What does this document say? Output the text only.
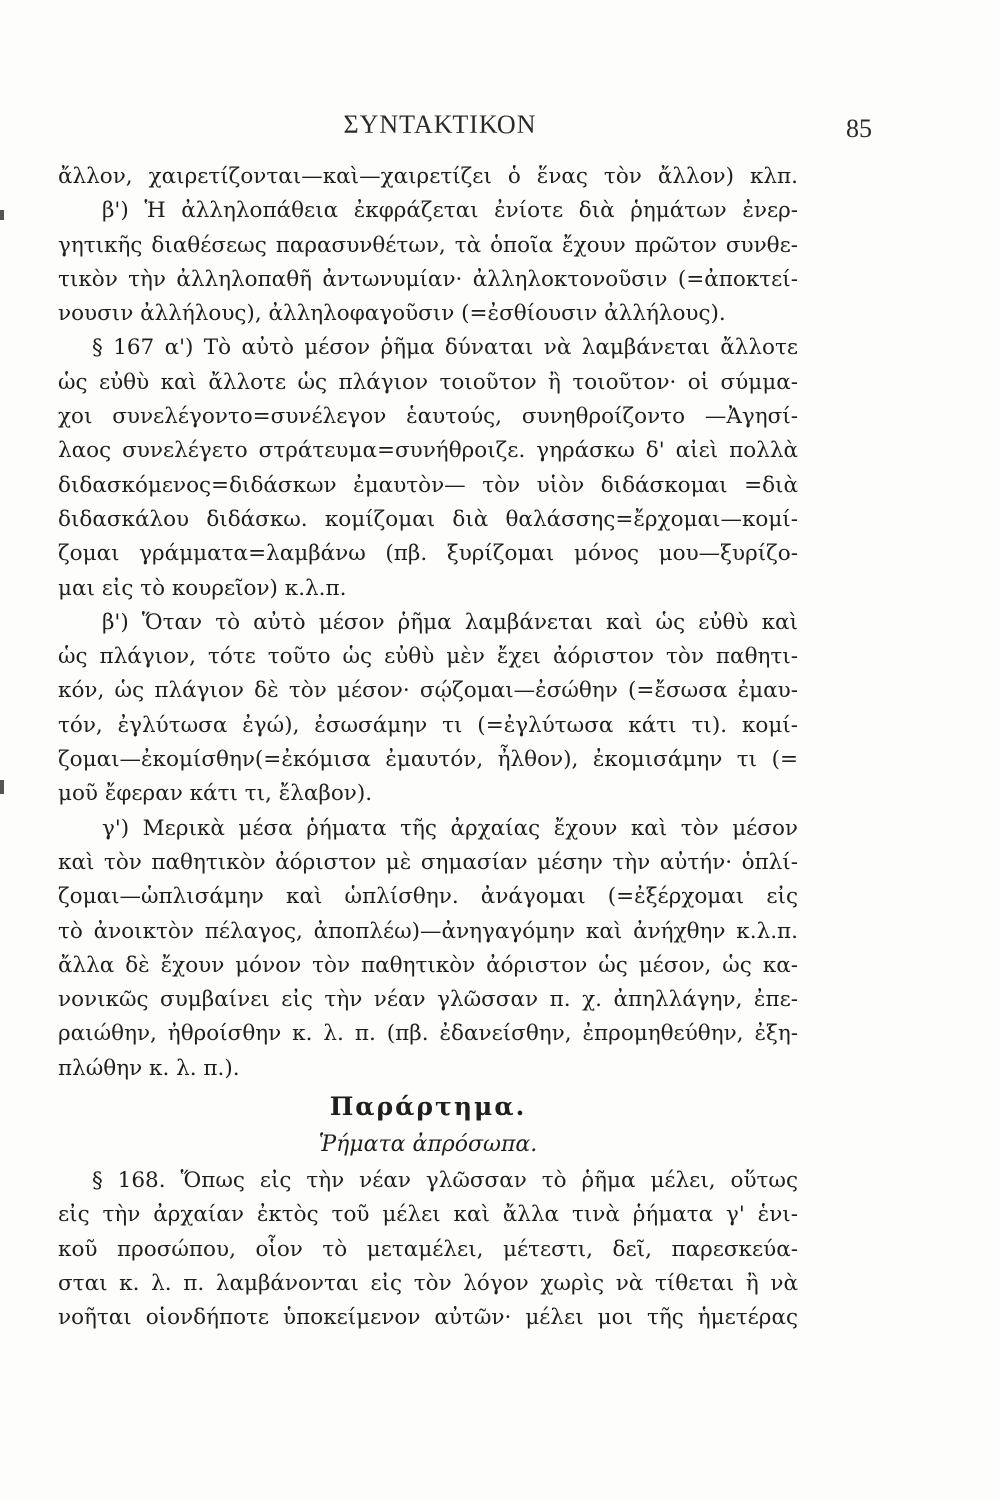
ΣΥΝΤΑΚΤΙΚΟΝ	85
ἄλλον, χαιρετίζονται—καὶ—χαιρετίζει ὁ ἕνας τὸν ἄλλον) κλπ.
β') Ἡ ἀλληλοπάθεια ἐκφράζεται ἐνίοτε διὰ ῥημάτων ἐνερ-
γητικῆς διαθέσεως παρασυνθέτων, τὰ ὁποῖα ἔχουν πρῶτον συνθε-
τικὸν τὴν ἀλληλοπαθῆ ἀντωνυμίαν· ἀλληλοκτονοῦσιν (=ἀποκτεί-
νουσιν ἀλλήλους), ἀλληλοφαγοῦσιν (=ἐσθίουσιν ἀλλήλους).
§ 167 α') Τὸ αὐτὸ μέσον ῥῆμα δύναται νὰ λαμβάνεται ἄλλοτε
ὡς εὐθὺ καὶ ἄλλοτε ὡς πλάγιον τοιοῦτον ἢ τοιοῦτον· οἱ σύμμα-
χοι συνελέγοντο=συνέλεγον ἑαυτούς, συνηθροίζοντο —Ἀγησί-
λαος συνελέγετο στράτευμα=συνήθροιζε. γηράσκω δ' αἰεὶ πολλὰ
διδασκόμενος=διδάσκων ἐμαυτὸν— τὸν υἱὸν διδάσκομαι =διὰ
διδασκάλου διδάσκω. κομίζομαι διὰ θαλάσσης=ἔρχομαι—κομί-
ζομαι γράμματα=λαμβάνω (πβ. ξυρίζομαι μόνος μου—ξυρίζο-
μαι εἰς τὸ κουρεῖον) κ.λ.π.
β') Ὅταν τὸ αὐτὸ μέσον ῥῆμα λαμβάνεται καὶ ὡς εὐθὺ καὶ
ὡς πλάγιον, τότε τοῦτο ὡς εὐθὺ μὲν ἔχει ἀόριστον τὸν παθητι-
κόν, ὡς πλάγιον δὲ τὸν μέσον· σῴζομαι—ἐσώθην (=ἔσωσα ἐμαυ-
τόν, ἐγλύτωσα ἐγώ), ἐσωσάμην τι (=ἐγλύτωσα κάτι τι). κομί-
ζομαι—ἐκομίσθην(=ἐκόμισα ἐμαυτόν, ἦλθον), ἐκομισάμην τι (=
μοῦ ἔφεραν κάτι τι, ἔλαβον).
γ') Μερικὰ μέσα ῥήματα τῆς ἀρχαίας ἔχουν καὶ τὸν μέσον
καὶ τὸν παθητικὸν ἀόριστον μὲ σημασίαν μέσην τὴν αὐτήν· ὁπλί-
ζομαι—ὡπλισάμην καὶ ὡπλίσθην. ἀνάγομαι (=ἐξέρχομαι εἰς
τὸ ἀνοικτὸν πέλαγος, ἀποπλέω)—ἀνηγαγόμην καὶ ἀνήχθην κ.λ.π.
ἄλλα δὲ ἔχουν μόνον τὸν παθητικὸν ἀόριστον ὡς μέσον, ὡς κα-
νονικῶς συμβαίνει εἰς τὴν νέαν γλῶσσαν π. χ. ἀπηλλάγην, ἐπε-
ραιώθην, ἠθροίσθην κ. λ. π. (πβ. ἐδανείσθην, ἐπρομηθεύθην, ἐξη-
πλώθην κ. λ. π.).
Παράρτημα.
Ῥήματα ἀπρόσωπα.
§ 168. Ὅπως εἰς τὴν νέαν γλῶσσαν τὸ ῥῆμα μέλει, οὕτως
εἰς τὴν ἀρχαίαν ἐκτὸς τοῦ μέλει καὶ ἄλλα τινὰ ῥήματα γ' ἑνι-
κοῦ προσώπου, οἷον τὸ μεταμέλει, μέτεστι, δεῖ, παρεσκεύα-
σται κ. λ. π. λαμβάνονται εἰς τὸν λόγον χωρὶς νὰ τίθεται ἢ νὰ
νοῆται οἱονδήποτε ὑποκείμενον αὐτῶν· μέλει μοι τῆς ἡμετέρας
